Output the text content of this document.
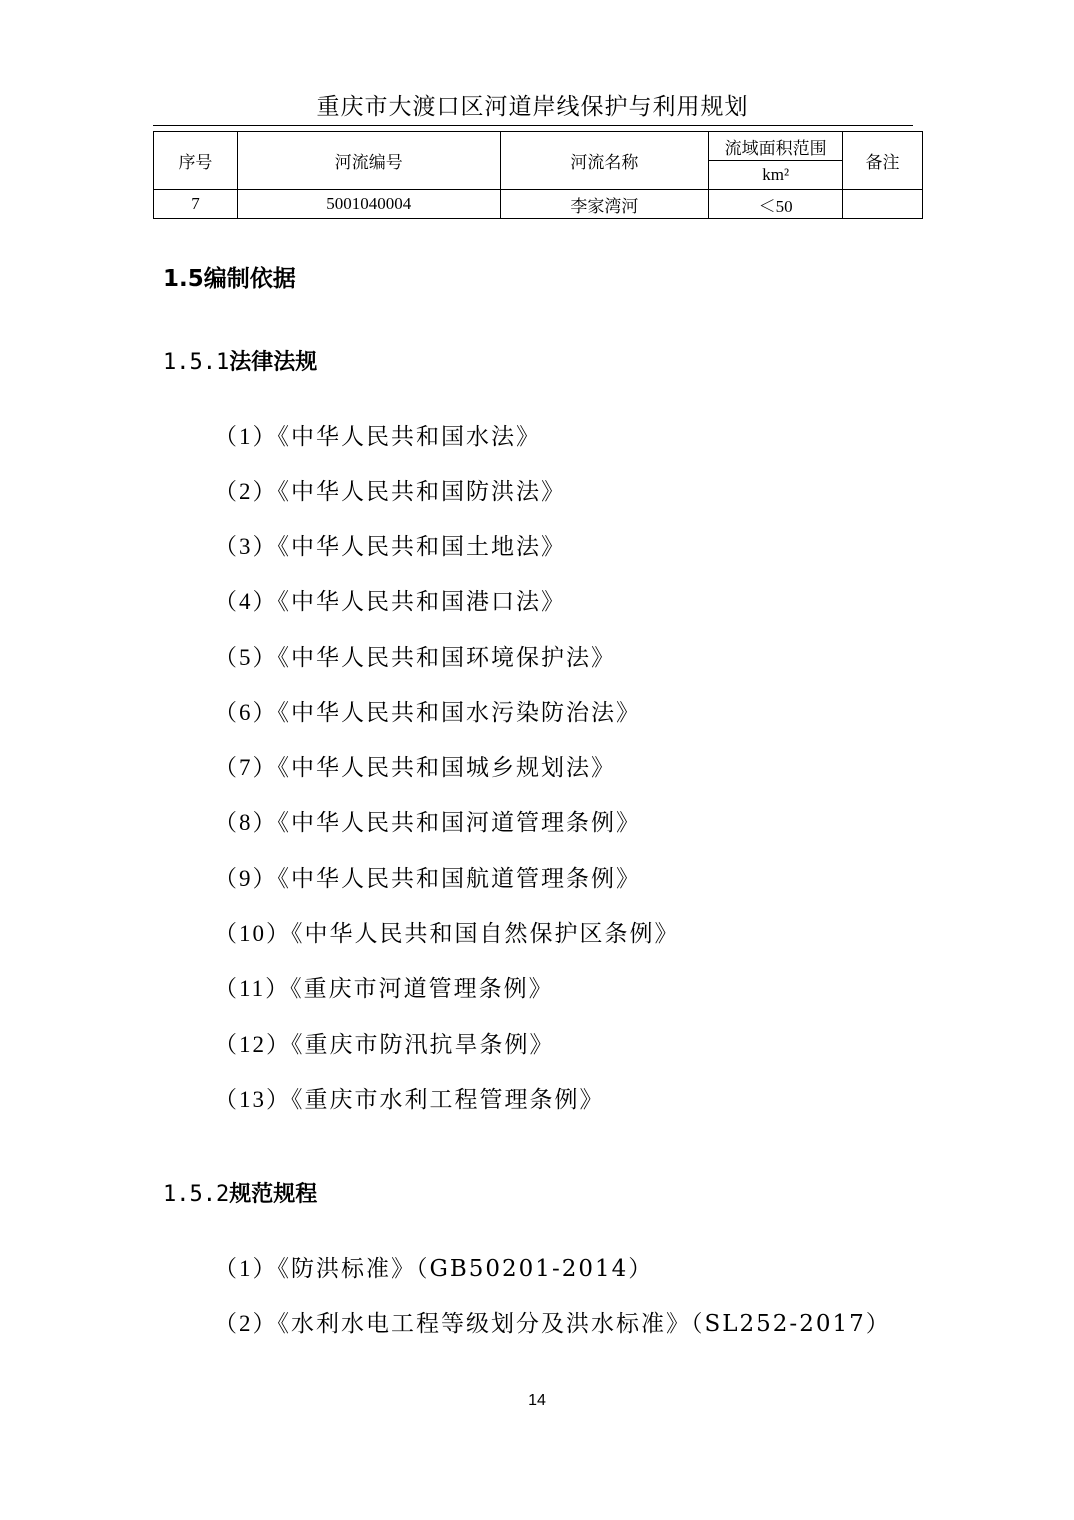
重庆市大渡口区河道岸线保护与利用规划
序号	河流编号	河流名称	流域面积范围	备注
			km²	
7	5001040004	李家湾河	＜50	
1.5编制依据
1.5.1法律法规
（1）《中华人民共和国水法》
（2）《中华人民共和国防洪法》
（3）《中华人民共和国土地法》
（4）《中华人民共和国港口法》
（5）《中华人民共和国环境保护法》
（6）《中华人民共和国水污染防治法》
（7）《中华人民共和国城乡规划法》
（8）《中华人民共和国河道管理条例》
（9）《中华人民共和国航道管理条例》
（10）《中华人民共和国自然保护区条例》
（11）《重庆市河道管理条例》
（12）《重庆市防汛抗旱条例》
（13）《重庆市水利工程管理条例》
1.5.2规范规程
（1）《防洪标准》（GB50201-2014）
（2）《水利水电工程等级划分及洪水标准》（SL252-2017）
14
